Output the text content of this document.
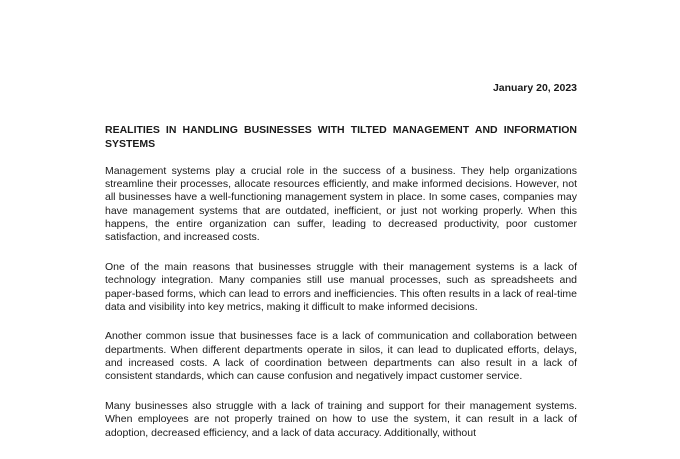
January 20, 2023
REALITIES IN HANDLING BUSINESSES WITH TILTED MANAGEMENT AND INFORMATION SYSTEMS

Management systems play a crucial role in the success of a business. They help organizations streamline their processes, allocate resources efficiently, and make informed decisions. However, not all businesses have a well-functioning management system in place. In some cases, companies may have management systems that are outdated, inefficient, or just not working properly. When this happens, the entire organization can suffer, leading to decreased productivity, poor customer satisfaction, and increased costs.

One of the main reasons that businesses struggle with their management systems is a lack of technology integration. Many companies still use manual processes, such as spreadsheets and paper-based forms, which can lead to errors and inefficiencies. This often results in a lack of real-time data and visibility into key metrics, making it difficult to make informed decisions.

Another common issue that businesses face is a lack of communication and collaboration between departments. When different departments operate in silos, it can lead to duplicated efforts, delays, and increased costs. A lack of coordination between departments can also result in a lack of consistent standards, which can cause confusion and negatively impact customer service.

Many businesses also struggle with a lack of training and support for their management systems. When employees are not properly trained on how to use the system, it can result in a lack of adoption, decreased efficiency, and a lack of data accuracy. Additionally, without
